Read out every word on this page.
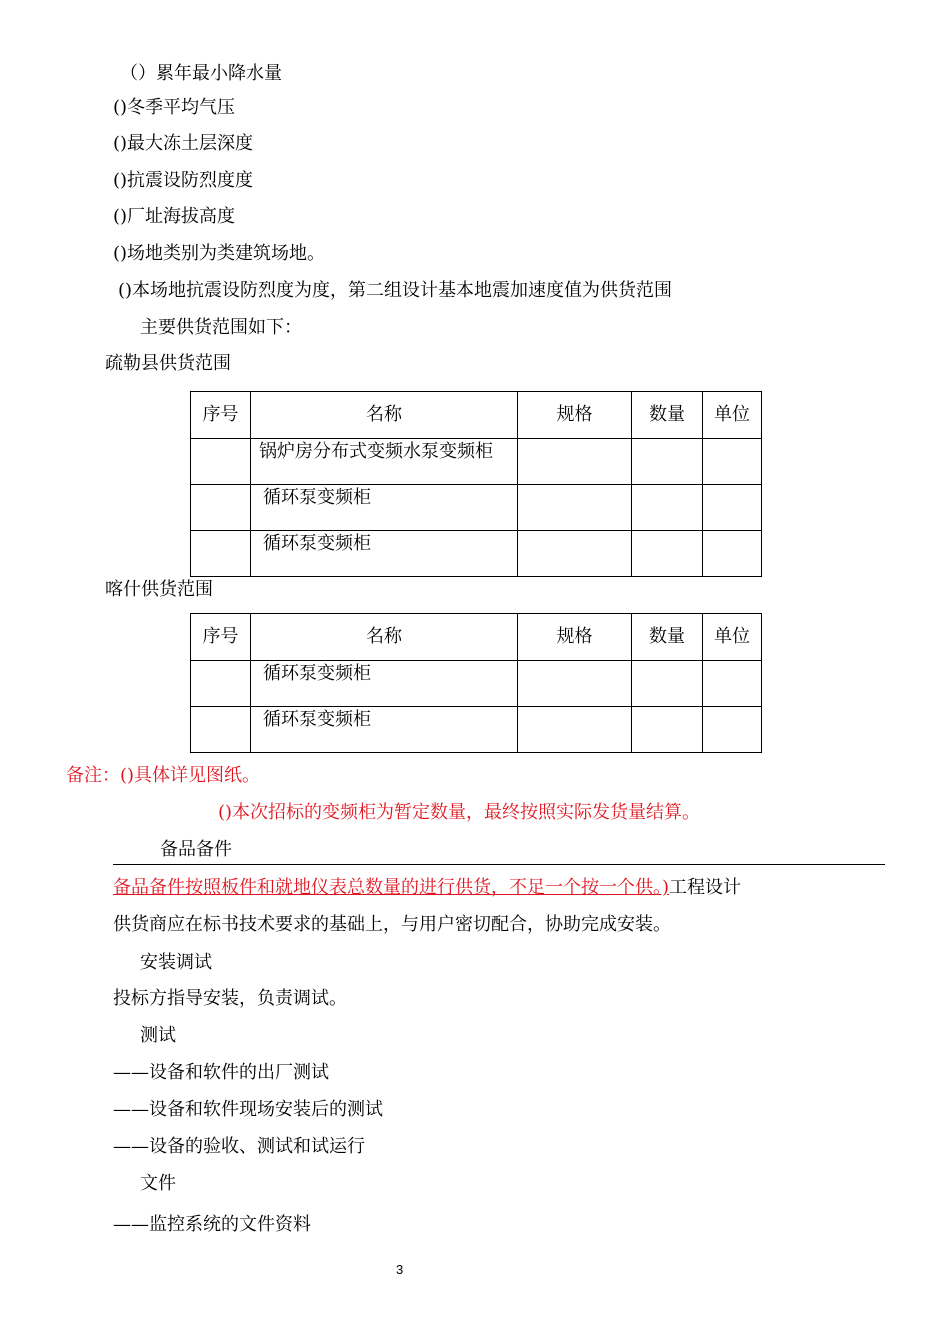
（）累年最小降水量
()冬季平均气压
()最大冻土层深度
()抗震设防烈度度
()厂址海拔高度
()场地类别为类建筑场地。
()本场地抗震设防烈度为度，第二组设计基本地震加速度值为供货范围
主要供货范围如下：
疏勒县供货范围
序号	名称	规格	数量	单位

	锅炉房分布式变频水泵变频柜			

	循环泵变频柜			

	循环泵变频柜			

喀什供货范围
序号	名称	规格	数量	单位

	循环泵变频柜			

	循环泵变频柜			

备注：()具体详见图纸。
()本次招标的变频柜为暂定数量，最终按照实际发货量结算。
备品备件
备品备件按照板件和就地仪表总数量的进行供货，不足一个按一个供。)工程设计
供货商应在标书技术要求的基础上，与用户密切配合，协助完成安装。
安装调试
投标方指导安装，负责调试。
测试
——设备和软件的出厂测试
——设备和软件现场安装后的测试
——设备的验收、测试和试运行
文件
——监控系统的文件资料
3
